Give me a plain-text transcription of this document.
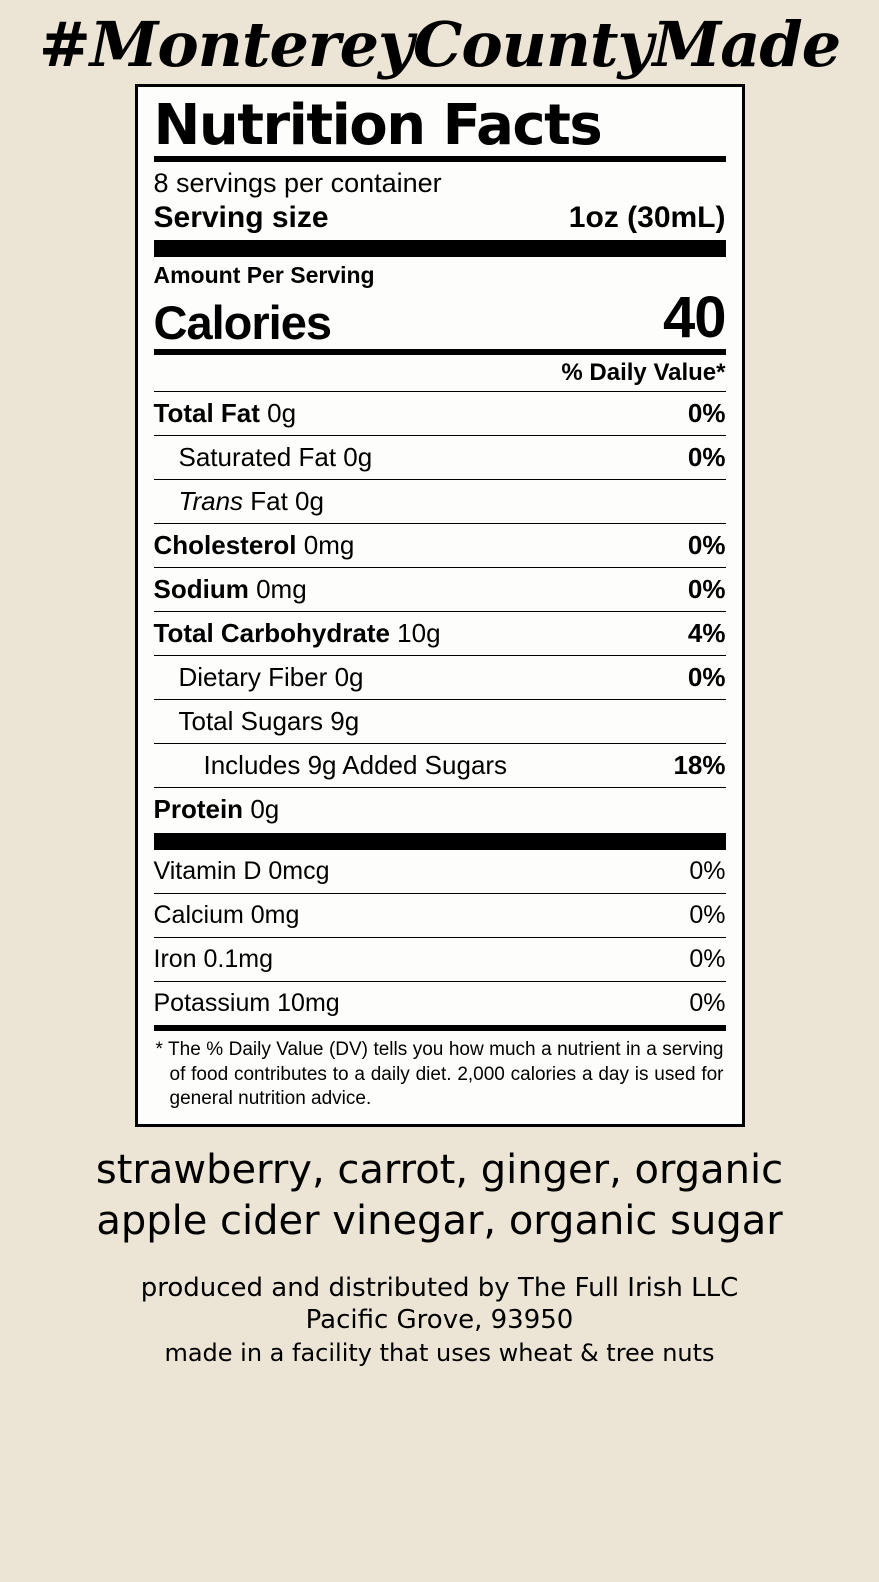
#MontereyCountyMade
Nutrition Facts
8 servings per container
Serving size	1oz (30mL)
Amount Per Serving
Calories	40
% Daily Value*
Total Fat 0g	0%
Saturated Fat 0g	0%
Trans Fat 0g
Cholesterol 0mg	0%
Sodium 0mg	0%
Total Carbohydrate 10g	4%
Dietary Fiber 0g	0%
Total Sugars 9g
Includes 9g Added Sugars	18%
Protein 0g
Vitamin D 0mcg	0%
Calcium 0mg	0%
Iron 0.1mg	0%
Potassium 10mg	0%
* The % Daily Value (DV) tells you how much a nutrient in a serving of food contributes to a daily diet. 2,000 calories a day is used for general nutrition advice.
strawberry, carrot, ginger, organic apple cider vinegar, organic sugar
produced and distributed by The Full Irish LLC
Pacific Grove, 93950
made in a facility that uses wheat & tree nuts
